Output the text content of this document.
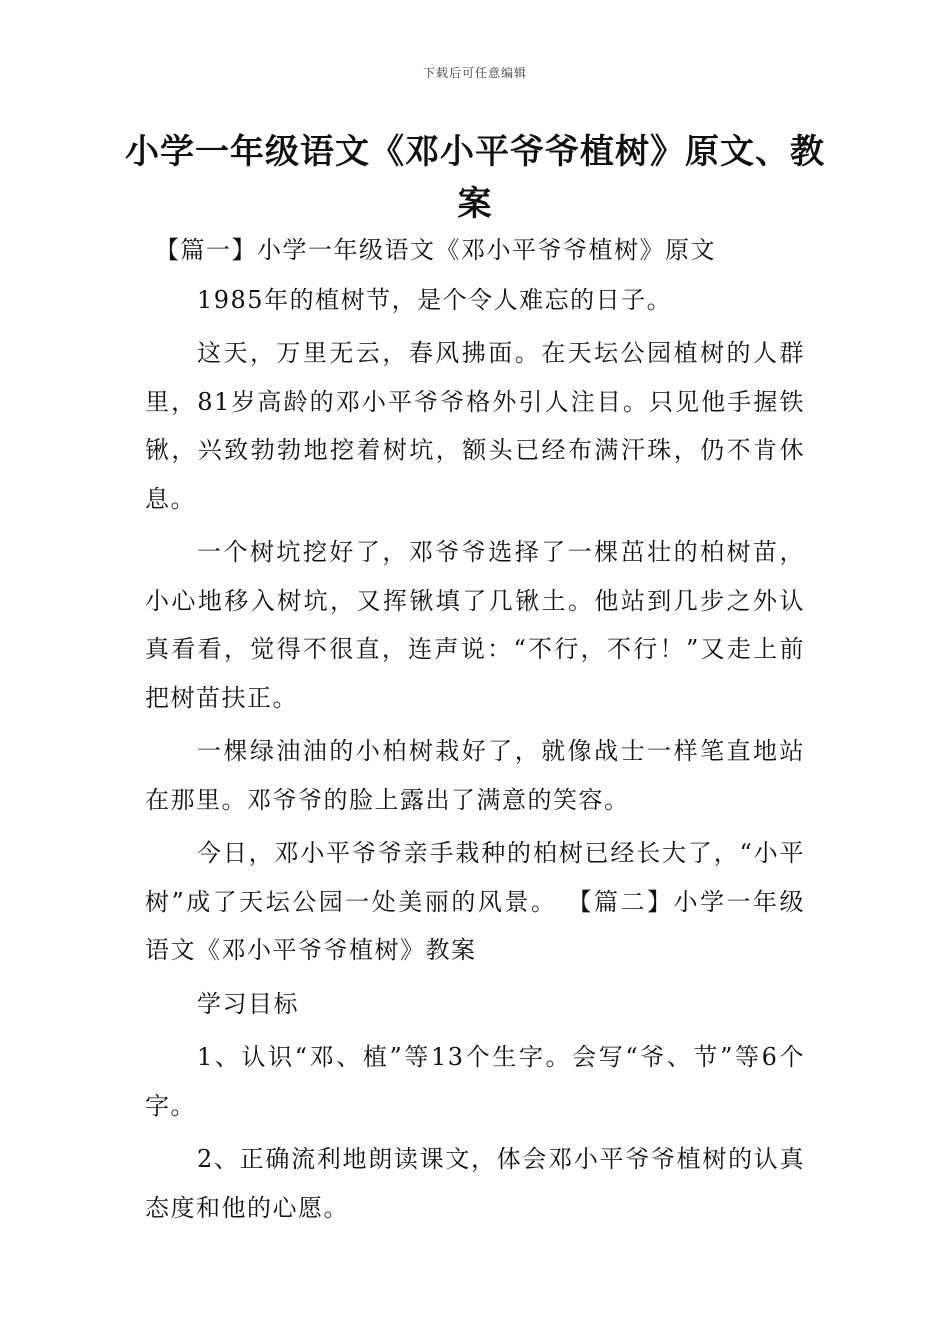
下载后可任意编辑
小学一年级语文《邓小平爷爷植树》原文、教案

【篇一】小学一年级语文《邓小平爷爷植树》原文

1985年的植树节，是个令人难忘的日子。

这天，万里无云，春风拂面。在天坛公园植树的人群里，81岁高龄的邓小平爷爷格外引人注目。只见他手握铁锹，兴致勃勃地挖着树坑，额头已经布满汗珠，仍不肯休息。

一个树坑挖好了，邓爷爷选择了一棵茁壮的柏树苗，小心地移入树坑，又挥锹填了几锹土。他站到几步之外认真看看，觉得不很直，连声说：“不行，不行！”又走上前把树苗扶正。

一棵绿油油的小柏树栽好了，就像战士一样笔直地站在那里。邓爷爷的脸上露出了满意的笑容。

今日，邓小平爷爷亲手栽种的柏树已经长大了，“小平树”成了天坛公园一处美丽的风景。 【篇二】小学一年级语文《邓小平爷爷植树》教案

学习目标

1、认识“邓、植”等13个生字。会写“爷、节”等6个字。

2、正确流利地朗读课文，体会邓小平爷爷植树的认真态度和他的心愿。
